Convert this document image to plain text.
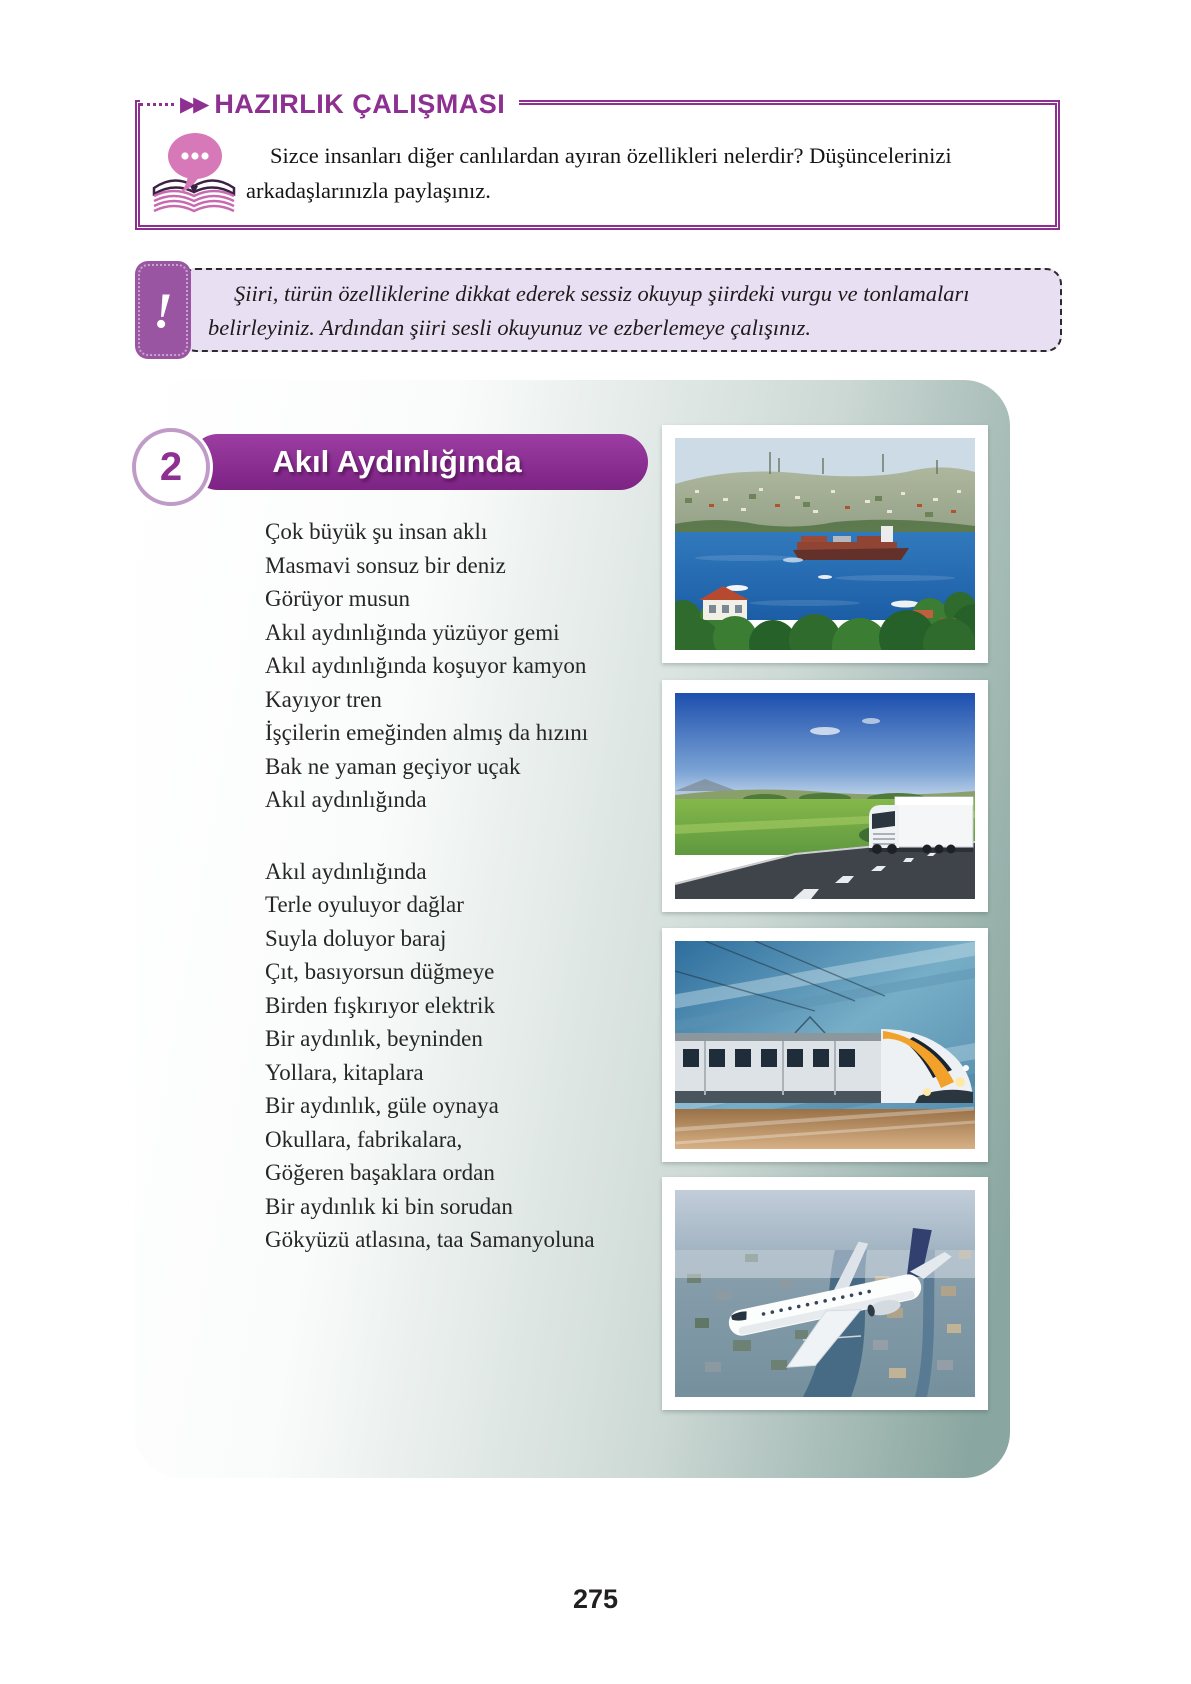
▶▶ HAZIRLIK ÇALIŞMASI
Sizce insanları diğer canlılardan ayıran özellikleri nelerdir? Düşüncelerinizi
arkadaşlarınızla paylaşınız.
Şiiri, türün özelliklerine dikkat ederek sessiz okuyup şiirdeki vurgu ve tonlamaları
belirleyiniz. Ardından şiiri sesli okuyunuz ve ezberlemeye çalışınız.
!
Akıl Aydınlığında
2
Çok büyük şu insan aklı
Masmavi sonsuz bir deniz
Görüyor musun
Akıl aydınlığında yüzüyor gemi
Akıl aydınlığında koşuyor kamyon
Kayıyor tren
İşçilerin emeğinden almış da hızını
Bak ne yaman geçiyor uçak
Akıl aydınlığında
Akıl aydınlığında
Terle oyuluyor dağlar
Suyla doluyor baraj
Çıt, basıyorsun düğmeye
Birden fışkırıyor elektrik
Bir aydınlık, beyninden
Yollara, kitaplara
Bir aydınlık, güle oynaya
Okullara, fabrikalara,
Göğeren başaklara ordan
Bir aydınlık ki bin sorudan
Gökyüzü atlasına, taa Samanyoluna
275
